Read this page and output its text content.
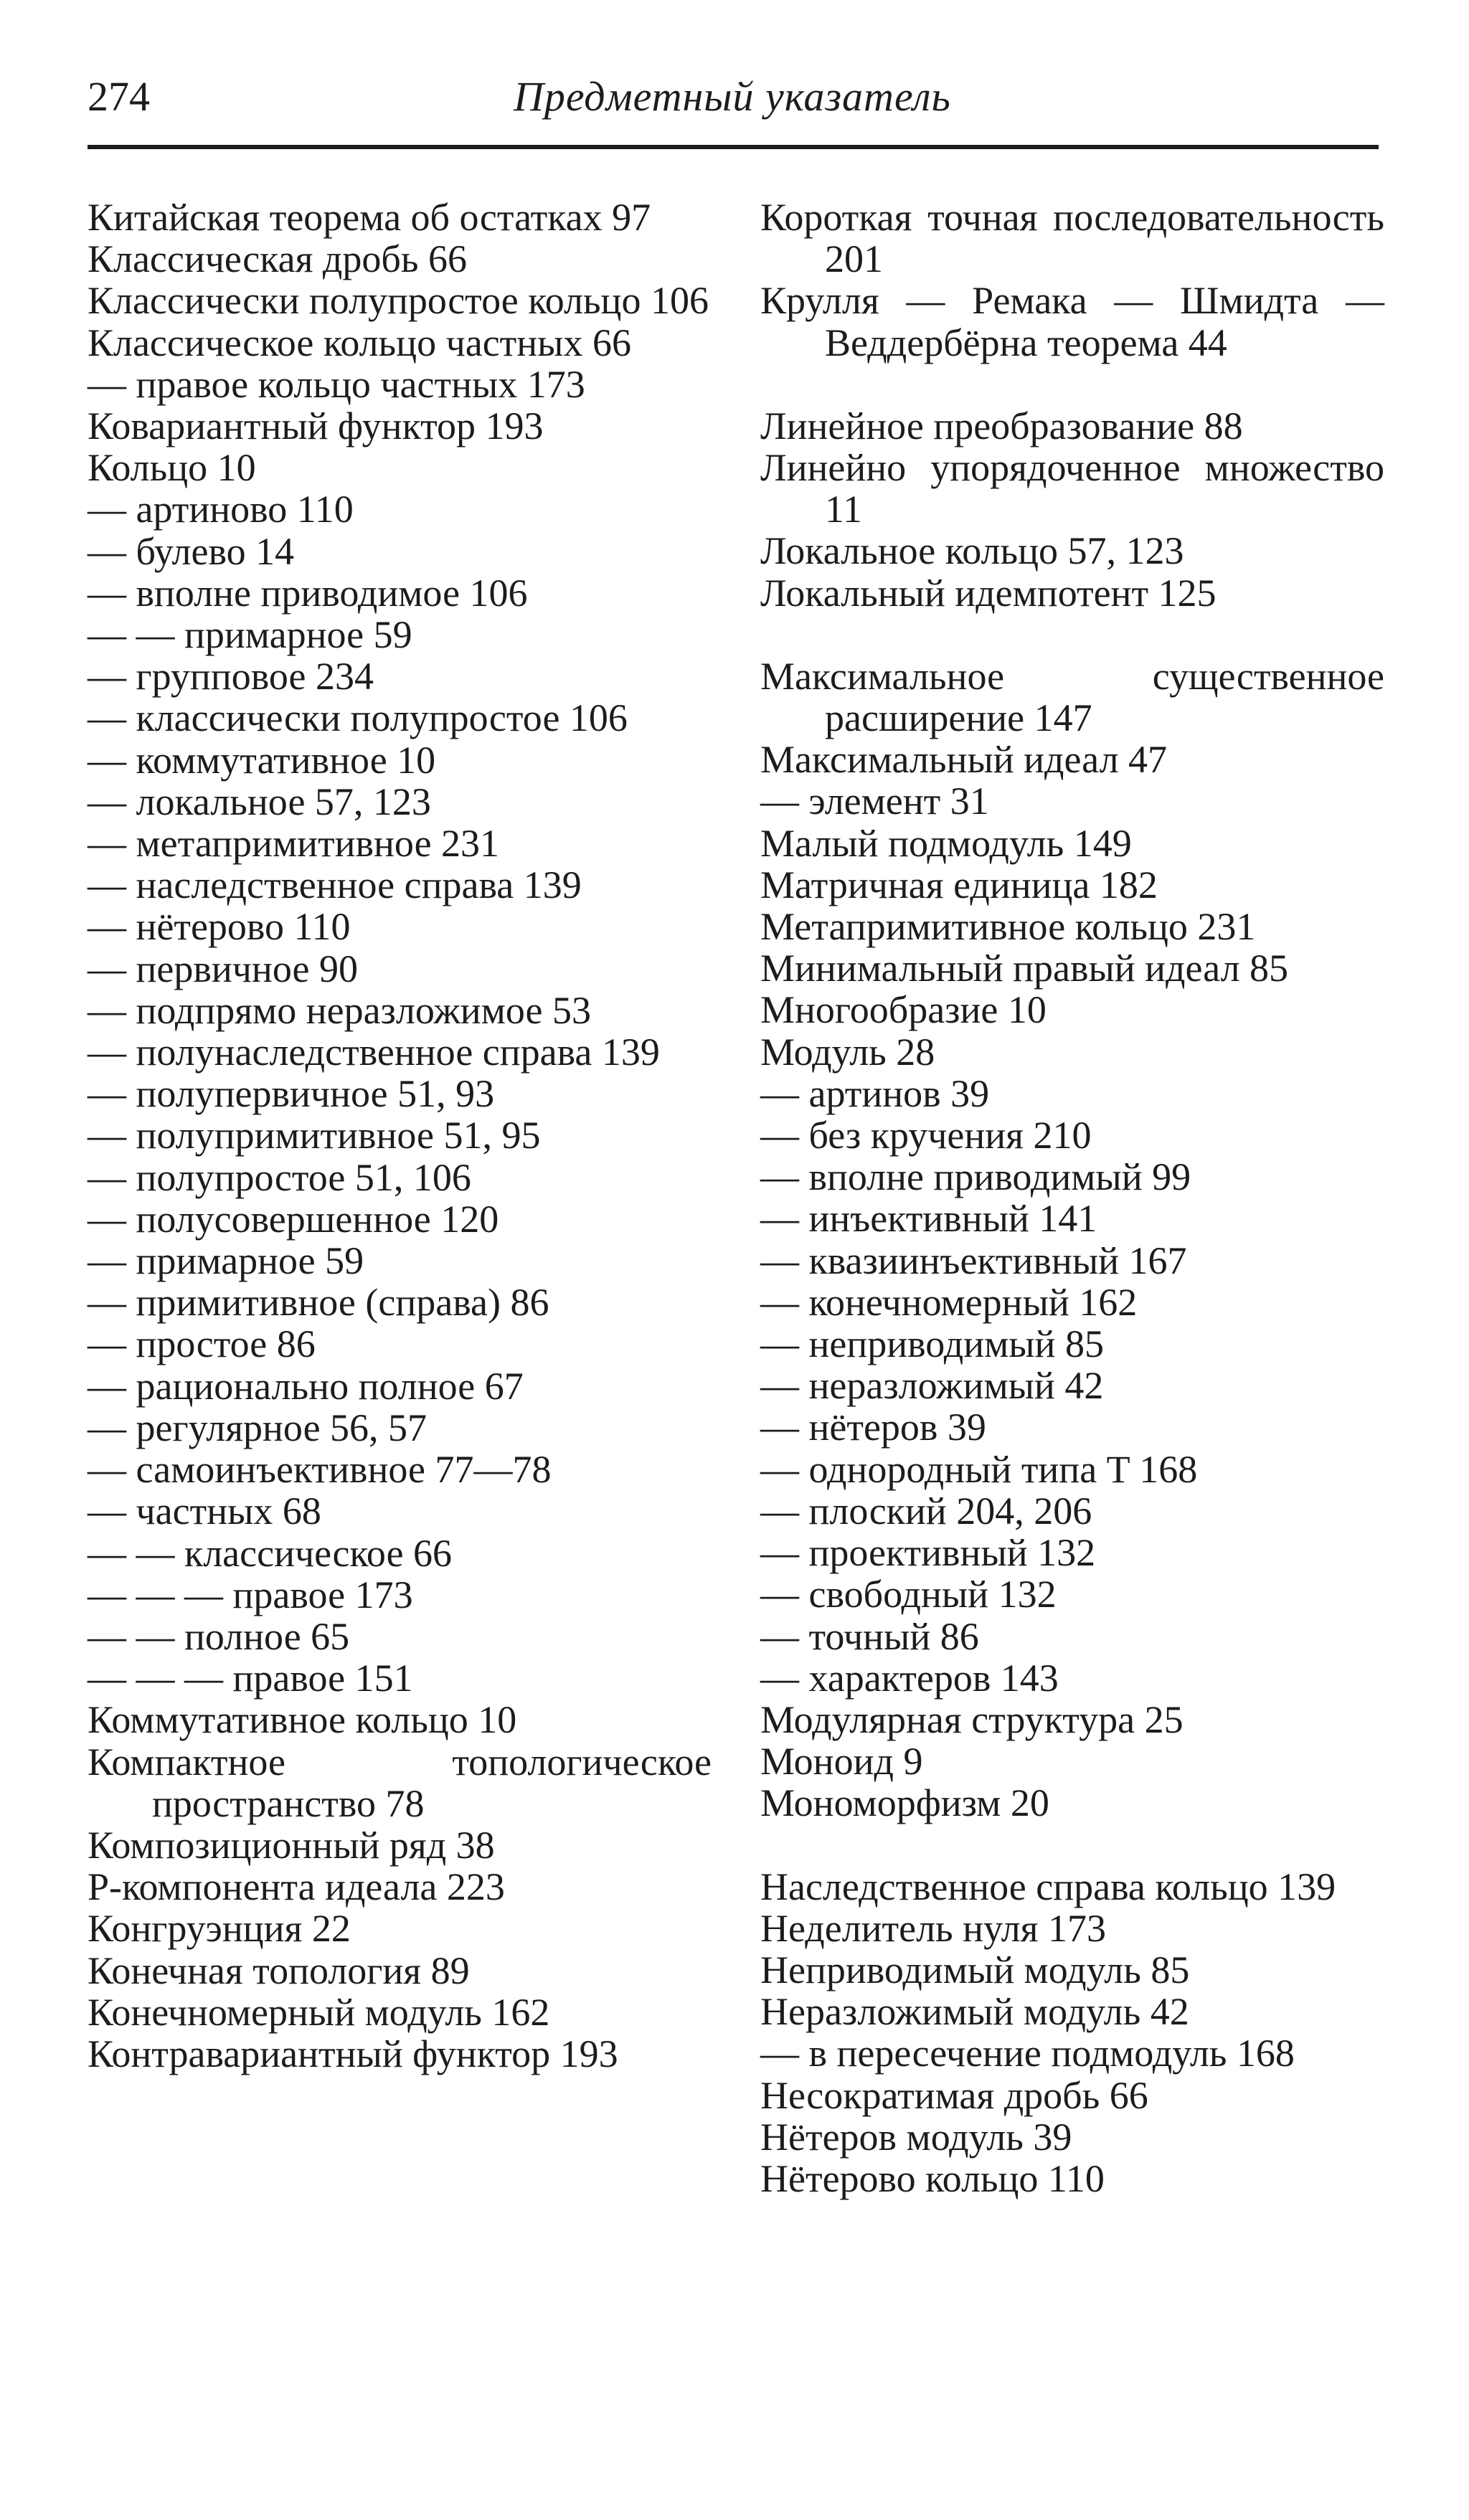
274	Предметный указатель

Китайская теорема об остатках 97

Классическая дробь 66

Классически полупростое кольцо 106

Классическое кольцо частных 66

— правое кольцо частных 173

Ковариантный функтор 193

Кольцо 10

— артиново 110

— булево 14

— вполне приводимое 106

— — примарное 59

— групповое 234

— классически полупростое 106

— коммутативное 10

— локальное 57, 123

— метапримитивное 231

— наследственное справа 139

— нётерово 110

— первичное 90

— подпрямо неразложимое 53

— полунаследственное справа 139

— полупервичное 51, 93

— полупримитивное 51, 95

— полупростое 51, 106

— полусовершенное 120

— примарное 59

— примитивное (справа) 86

— простое 86

— рационально полное 67

— регулярное 56, 57

— самоинъективное 77—78

— частных 68

— — классическое 66

— — — правое 173

— — полное 65

— — — правое 151

Коммутативное кольцо 10

Компактное топологическое пространство 78

Композиционный ряд 38

Р-компонента идеала 223

Конгруэнция 22

Конечная топология 89

Конечномерный модуль 162

Контравариантный функтор 193

Короткая точная последовательность 201

Крулля — Ремака — Шмидта — Веддербёрна теорема 44

Линейное преобразование 88

Линейно упорядоченное множество 11

Локальное кольцо 57, 123

Локальный идемпотент 125

Максимальное существенное расширение 147

Максимальный идеал 47

— элемент 31

Малый подмодуль 149

Матричная единица 182

Метапримитивное кольцо 231

Минимальный правый идеал 85

Многообразие 10

Модуль 28

— артинов 39

— без кручения 210

— вполне приводимый 99

— инъективный 141

— квазиинъективный 167

— конечномерный 162

— неприводимый 85

— неразложимый 42

— нётеров 39

— однородный типа T 168

— плоский 204, 206

— проективный 132

— свободный 132

— точный 86

— характеров 143

Модулярная структура 25

Моноид 9

Мономорфизм 20

Наследственное справа кольцо 139

Неделитель нуля 173

Неприводимый модуль 85

Неразложимый модуль 42

— в пересечение подмодуль 168

Несократимая дробь 66

Нётеров модуль 39

Нётерово кольцо 110
